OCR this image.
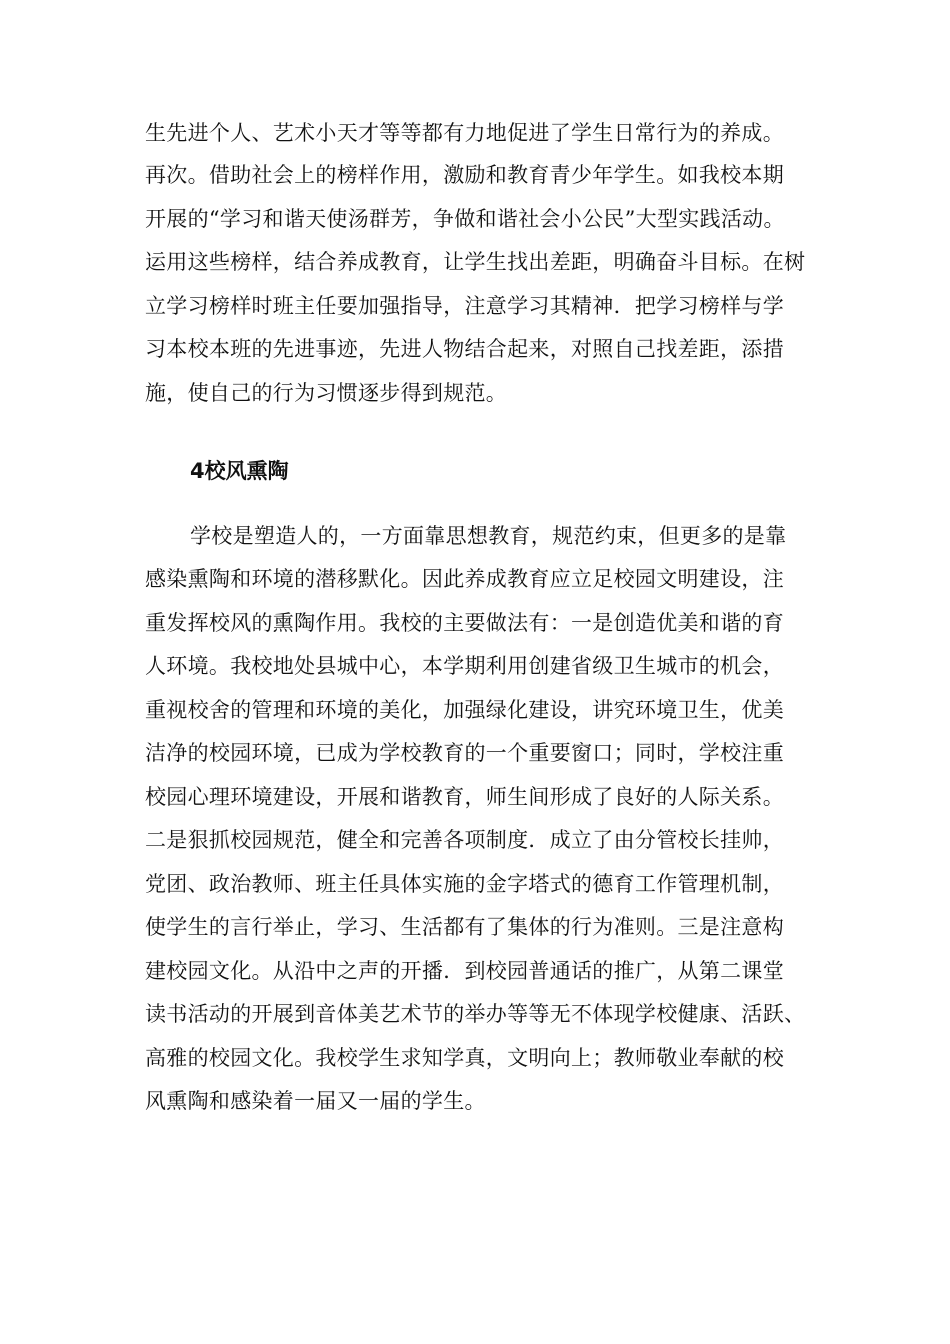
生先进个人、艺术小天才等等都有力地促进了学生日常行为的养成。
再次。借助社会上的榜样作用，激励和教育青少年学生。如我校本期
开展的“学习和谐天使汤群芳，争做和谐社会小公民”大型实践活动。
运用这些榜样，结合养成教育，让学生找出差距，明确奋斗目标。在树
立学习榜样时班主任要加强指导，注意学习其精神．把学习榜样与学
习本校本班的先进事迹，先进人物结合起来，对照自己找差距，添措
施，使自己的行为习惯逐步得到规范。
4校风熏陶
学校是塑造人的，一方面靠思想教育，规范约束，但更多的是靠
感染熏陶和环境的潜移默化。因此养成教育应立足校园文明建设，注
重发挥校风的熏陶作用。我校的主要做法有：一是创造优美和谐的育
人环境。我校地处县城中心，本学期利用创建省级卫生城市的机会，
重视校舍的管理和环境的美化，加强绿化建设，讲究环境卫生，优美
洁净的校园环境，已成为学校教育的一个重要窗口；同时，学校注重
校园心理环境建设，开展和谐教育，师生间形成了良好的人际关系。
二是狠抓校园规范，健全和完善各项制度．成立了由分管校长挂帅，
党团、政治教师、班主任具体实施的金字塔式的德育工作管理机制，
使学生的言行举止，学习、生活都有了集体的行为准则。三是注意构
建校园文化。从沿中之声的开播．到校园普通话的推广，从第二课堂
读书活动的开展到音体美艺术节的举办等等无不体现学校健康、活跃、
高雅的校园文化。我校学生求知学真，文明向上；教师敬业奉献的校
风熏陶和感染着一届又一届的学生。
